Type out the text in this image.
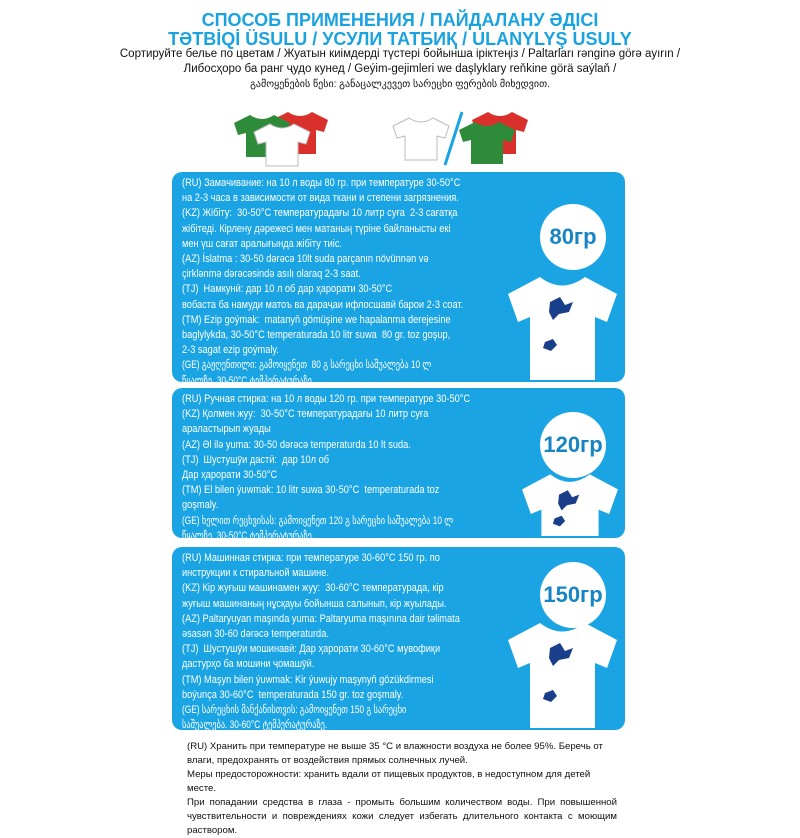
СПОСОБ ПРИМЕНЕНИЯ / ПАЙДАЛАНУ ӘДІСІ
ТƏТBİQİ ÜSULU / УСУЛИ ТАТБИҚ / ULANYLYŞ USULY
Сортируйте белье по цветам / Жуатын киімдерді түстері бойынша іріктеңіз / Paltarları rənginə görə ayırın /
Либосҳоро ба ранг ҷудо кунед / Geýim-gejimleri we daşlyklary reňkine görä saýlaň /
გამოყენების წესი: განაცალკევეთ სარეცხი ფერების მიხედვით.

(RU) Замачивание: на 10 л воды 80 гр. при температуре 30-50°C
на 2-3 часа в зависимости от вида ткани и степени загрязнения.

(KZ) Жібіту:  30-50°C температурадағы 10 литр суға  2-3 сағатқа
жібітеді. Кірлену дәрежесі мен матаның түріне байланысты екі
мен үш сағат аралығында жібіту тиіс.

(AZ) İslatma : 30-50 dərəcə 10lt suda parçanın növünnən və
çirklənmə dərəcəsində asılı olaraq 2-3 saat.

(TJ)  Намкунӣ: дар 10 л об дар ҳарорати 30-50°C
вобаста ба намуди матоъ ва дараҷаи ифлосшавӣ барои 2-3 соат.

(TM) Ezip goýmak:  matanyň gömüşine we hapalanma derejesine
baglylykda, 30-50°C temperaturada 10 litr suwa  80 gr. toz goşup,
2-3 sagat ezip goýmaly.

(GE) გაჟღენთილი: გამოიყენეთ  80 გ სარეცხი საშუალება 10 ლ
წყალზე. 30-50°C ტემპერატურაზე.

(RU) Ручная стирка: на 10 л воды 120 гр. при температуре 30-50°C

(KZ) Қолмен жуу:  30-50°C температурадағы 10 литр суға
араластырып жуады

(AZ) Əl ilə yuma: 30-50 dərəcə temperaturda 10 lt suda.

(TJ)  Шустушӯи дастӣ:  дар 10л об
Дар ҳарорати 30-50°C

(TM) El bilen ýuwmak: 10 litr suwa 30-50°C  temperaturada toz
goşmaly.

(GE) ხელით რეცხვისას: გამოიყენეთ 120 გ სარეცხი საშუალება 10 ლ
წყალზე. 30-50°C ტემპერატურაზე.

(RU) Машинная стирка: при температуре 30-60°C 150 гр. по
инструкции к стиральной машине.

(KZ) Кір жуғыш машинамен жуу:  30-60°C температурада, кір
жуғыш машинаның нұсқауы бойынша салынып, кір жуылады.

(AZ) Paltaryuyan maşında yuma: Paltaryuma maşınına dair təlimata
əsasən 30-60 dərəcə temperaturda.

(TJ)  Шустушӯи мошинавӣ: Дар ҳарорати 30-60°C мувофиқи
дастурҳо ба мошини ҷомашӯӣ.

(TM) Maşyn bilen ýuwmak: Kir ýuwujy maşynyň gözükdirmesi
boýunça 30-60°C  temperaturada 150 gr. toz goşmaly.

(GE) სარეცხის მანქანისთვის: გამოიყენეთ 150 გ სარეცხი
საშუალება. 30-60°C ტემპერატურაზე.

80гр
120гр
150гр

(RU) Хранить при температуре не выше 35 °С и влажности воздуха не более 95%. Беречь от влаги, предохранять от воздействия прямых солнечных лучей.

Меры предосторожности: хранить вдали от пищевых продуктов, в недоступном для детей месте.

При попадании средства в глаза - промыть большим количеством воды. При повышенной чувствительности и повреждениях кожи следует избегать длительного контакта с моющим раствором.
